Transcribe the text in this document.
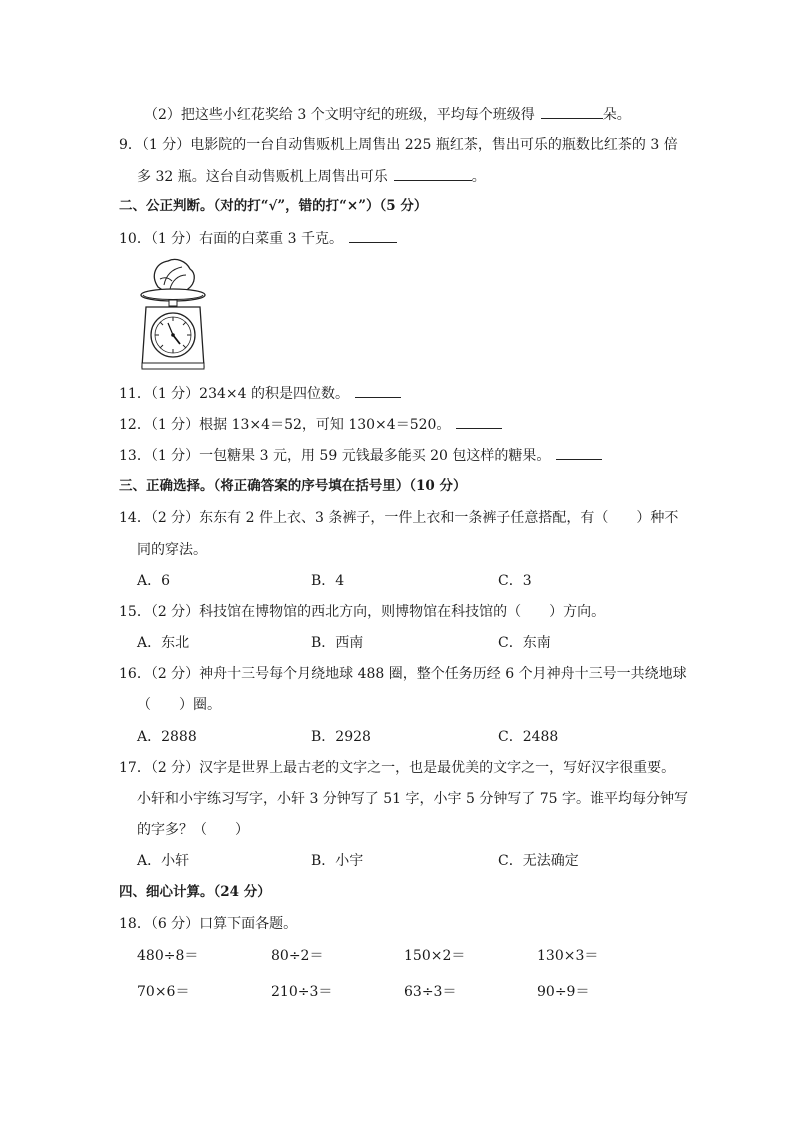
（2）把这些小红花奖给 3 个文明守纪的班级，平均每个班级得	朵。
9．（1 分）电影院的一台自动售贩机上周售出 225 瓶红茶，售出可乐的瓶数比红茶的 3 倍
多 32 瓶。这台自动售贩机上周售出可乐	。
二、公正判断。（对的打“√”，错的打“×”）（5 分）
10．（1 分）右面的白菜重 3 千克。
11．（1 分）234×4 的积是四位数。
12．（1 分）根据 13×4＝52，可知 130×4＝520。
13．（1 分）一包糖果 3 元，用 59 元钱最多能买 20 包这样的糖果。
三、正确选择。（将正确答案的序号填在括号里）（10 分）
14．（2 分）东东有 2 件上衣、3 条裤子，一件上衣和一条裤子任意搭配，有（　　）种不
同的穿法。
A．6	B．4	C．3
15．（2 分）科技馆在博物馆的西北方向，则博物馆在科技馆的（　　）方向。
A．东北	B．西南	C．东南
16．（2 分）神舟十三号每个月绕地球 488 圈，整个任务历经 6 个月神舟十三号一共绕地球
（　　）圈。
A．2888	B．2928	C．2488
17．（2 分）汉字是世界上最古老的文字之一，也是最优美的文字之一，写好汉字很重要。
小轩和小宇练习写字，小轩 3 分钟写了 51 字，小宇 5 分钟写了 75 字。谁平均每分钟写
的字多？（　　）
A．小轩	B．小宇	C．无法确定
四、细心计算。（24 分）
18．（6 分）口算下面各题。
480÷8＝	80÷2＝	150×2＝	130×3＝
70×6＝	210÷3＝	63÷3＝	90÷9＝
